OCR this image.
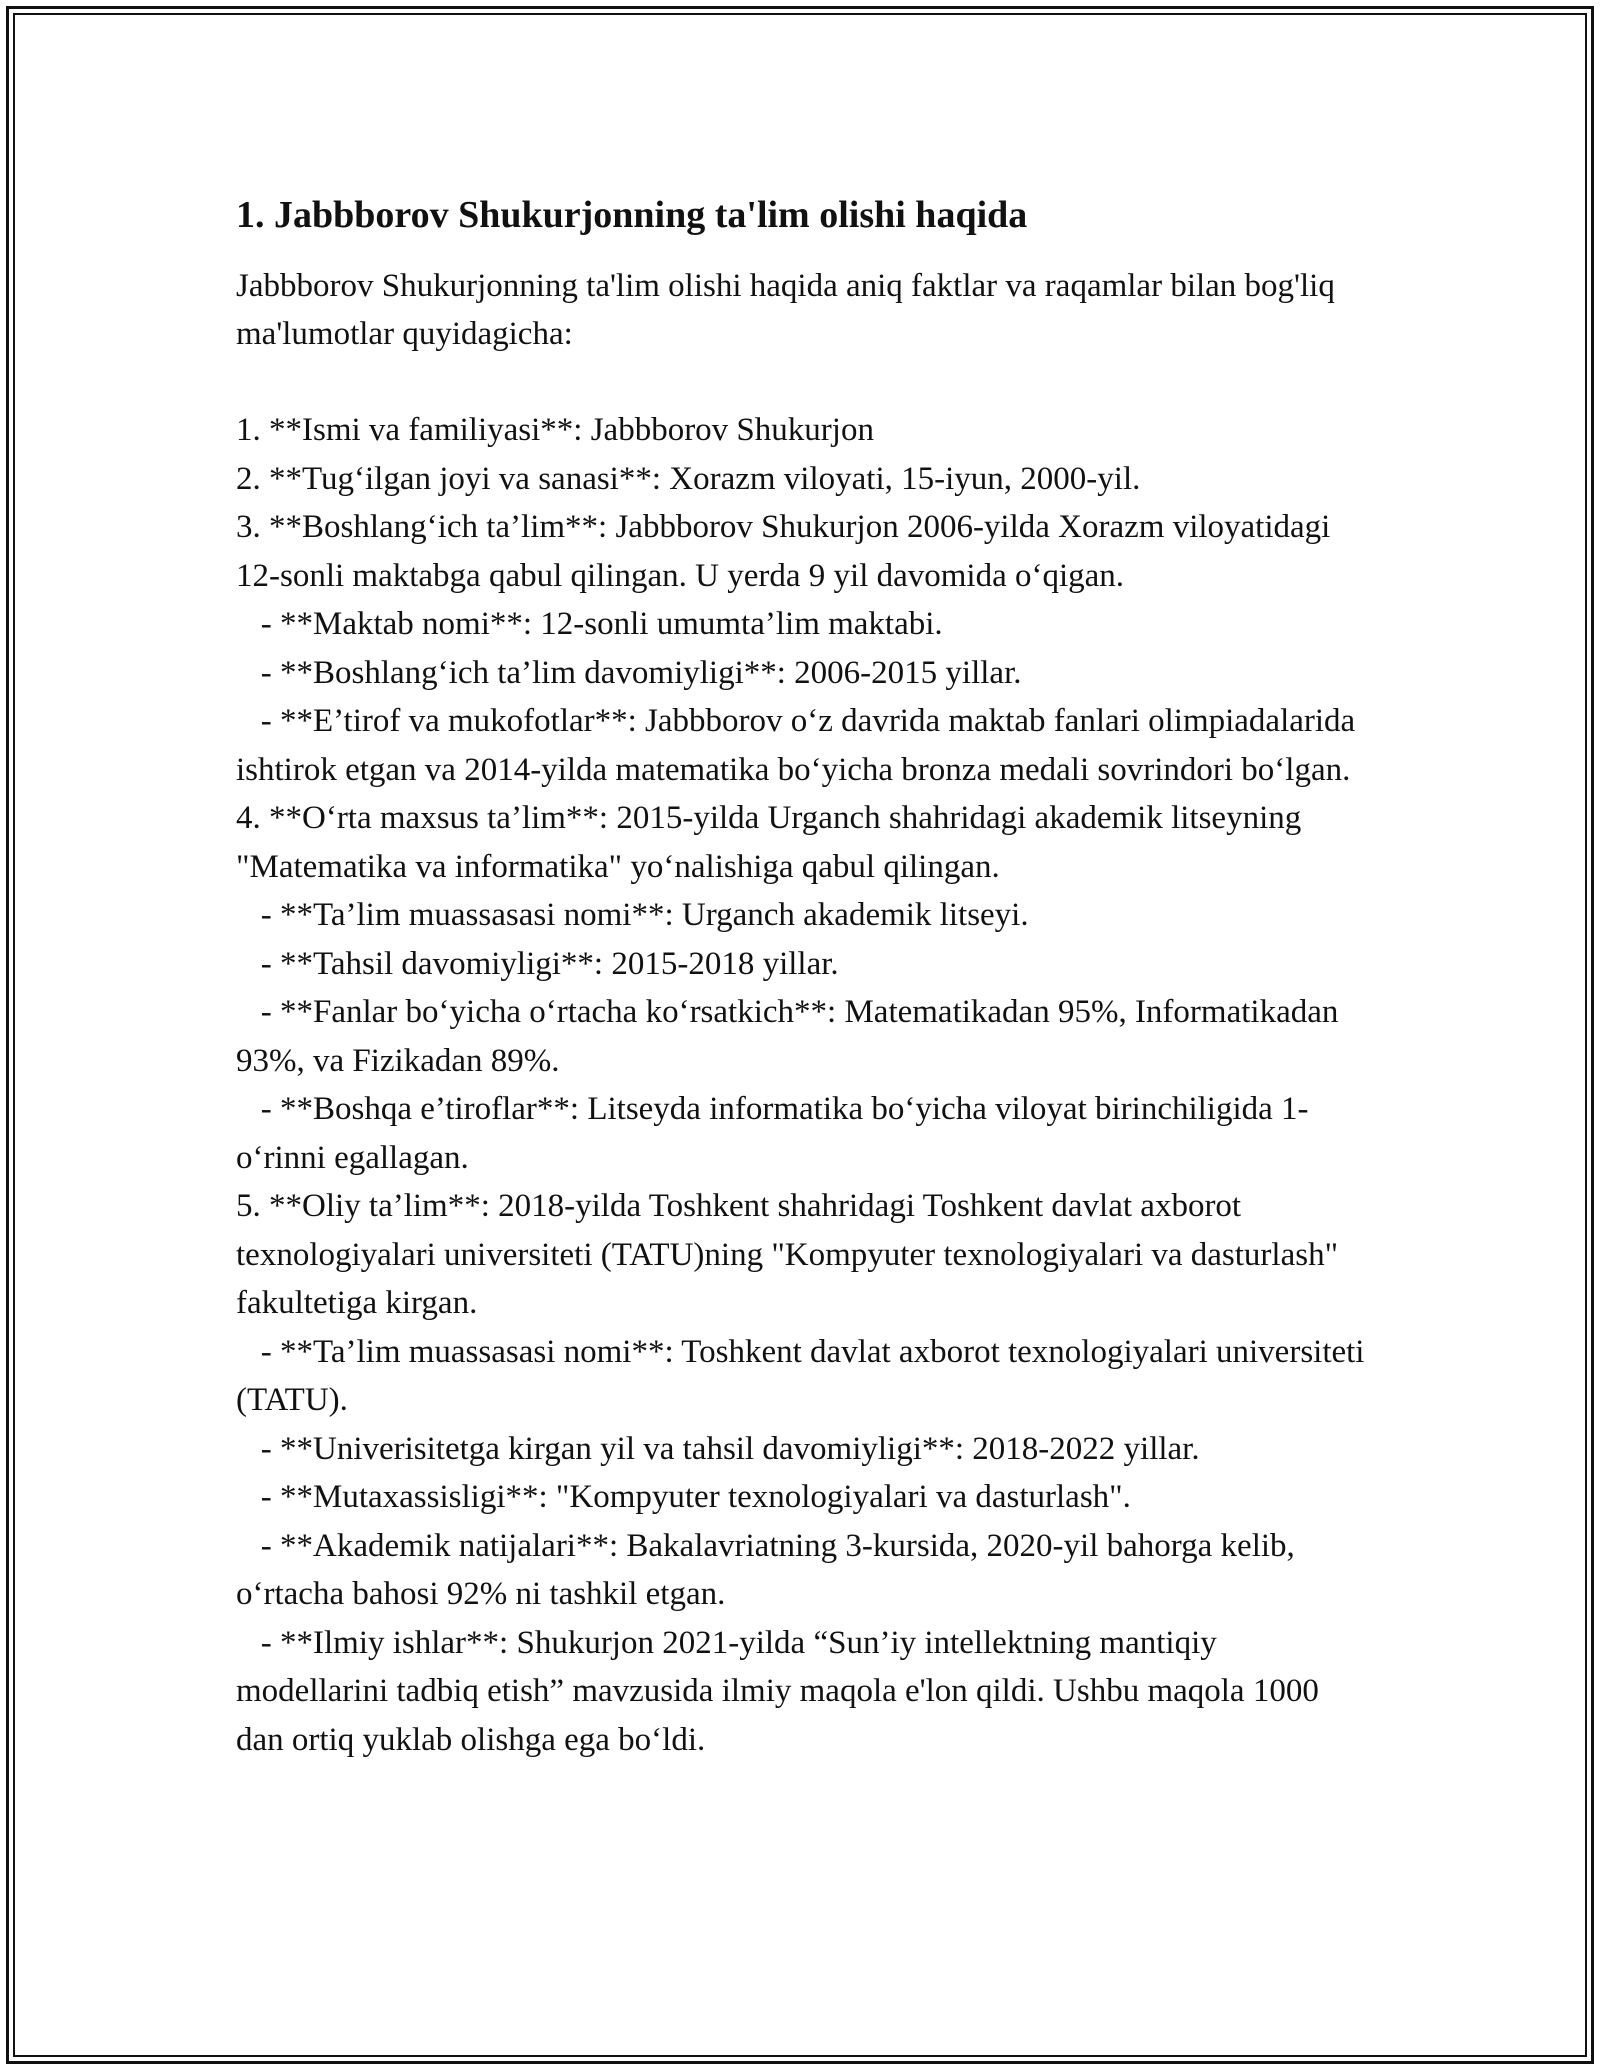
1. Jabbborov Shukurjonning ta'lim olishi haqida

Jabbborov Shukurjonning ta'lim olishi haqida aniq faktlar va raqamlar bilan bog'liq ma'lumotlar quyidagicha:

1. **Ismi va familiyasi**: Jabbborov Shukurjon

2. **Tug‘ilgan joyi va sanasi**: Xorazm viloyati, 15-iyun, 2000-yil.

3. **Boshlang‘ich ta’lim**: Jabbborov Shukurjon 2006-yilda Xorazm viloyatidagi 12-sonli maktabga qabul qilingan. U yerda 9 yil davomida o‘qigan.

- **Maktab nomi**: 12-sonli umumta’lim maktabi.

- **Boshlang‘ich ta’lim davomiyligi**: 2006-2015 yillar.

- **E’tirof va mukofotlar**: Jabbborov o‘z davrida maktab fanlari olimpiadalarida ishtirok etgan va 2014-yilda matematika bo‘yicha bronza medali sovrindori bo‘lgan.

4. **O‘rta maxsus ta’lim**: 2015-yilda Urganch shahridagi akademik litseyning "Matematika va informatika" yo‘nalishiga qabul qilingan.

- **Ta’lim muassasasi nomi**: Urganch akademik litseyi.

- **Tahsil davomiyligi**: 2015-2018 yillar.

- **Fanlar bo‘yicha o‘rtacha ko‘rsatkich**: Matematikadan 95%, Informatikadan 93%, va Fizikadan 89%.

- **Boshqa e’tiroflar**: Litseyda informatika bo‘yicha viloyat birinchiligida 1-o‘rinni egallagan.

5. **Oliy ta’lim**: 2018-yilda Toshkent shahridagi Toshkent davlat axborot texnologiyalari universiteti (TATU)ning "Kompyuter texnologiyalari va dasturlash" fakultetiga kirgan.

- **Ta’lim muassasasi nomi**: Toshkent davlat axborot texnologiyalari universiteti (TATU).

- **Univerisitetga kirgan yil va tahsil davomiyligi**: 2018-2022 yillar.

- **Mutaxassisligi**: "Kompyuter texnologiyalari va dasturlash".

- **Akademik natijalari**: Bakalavriatning 3-kursida, 2020-yil bahorga kelib, o‘rtacha bahosi 92% ni tashkil etgan.

- **Ilmiy ishlar**: Shukurjon 2021-yilda “Sun’iy intellektning mantiqiy modellarini tadbiq etish” mavzusida ilmiy maqola e'lon qildi. Ushbu maqola 1000 dan ortiq yuklab olishga ega bo‘ldi.
